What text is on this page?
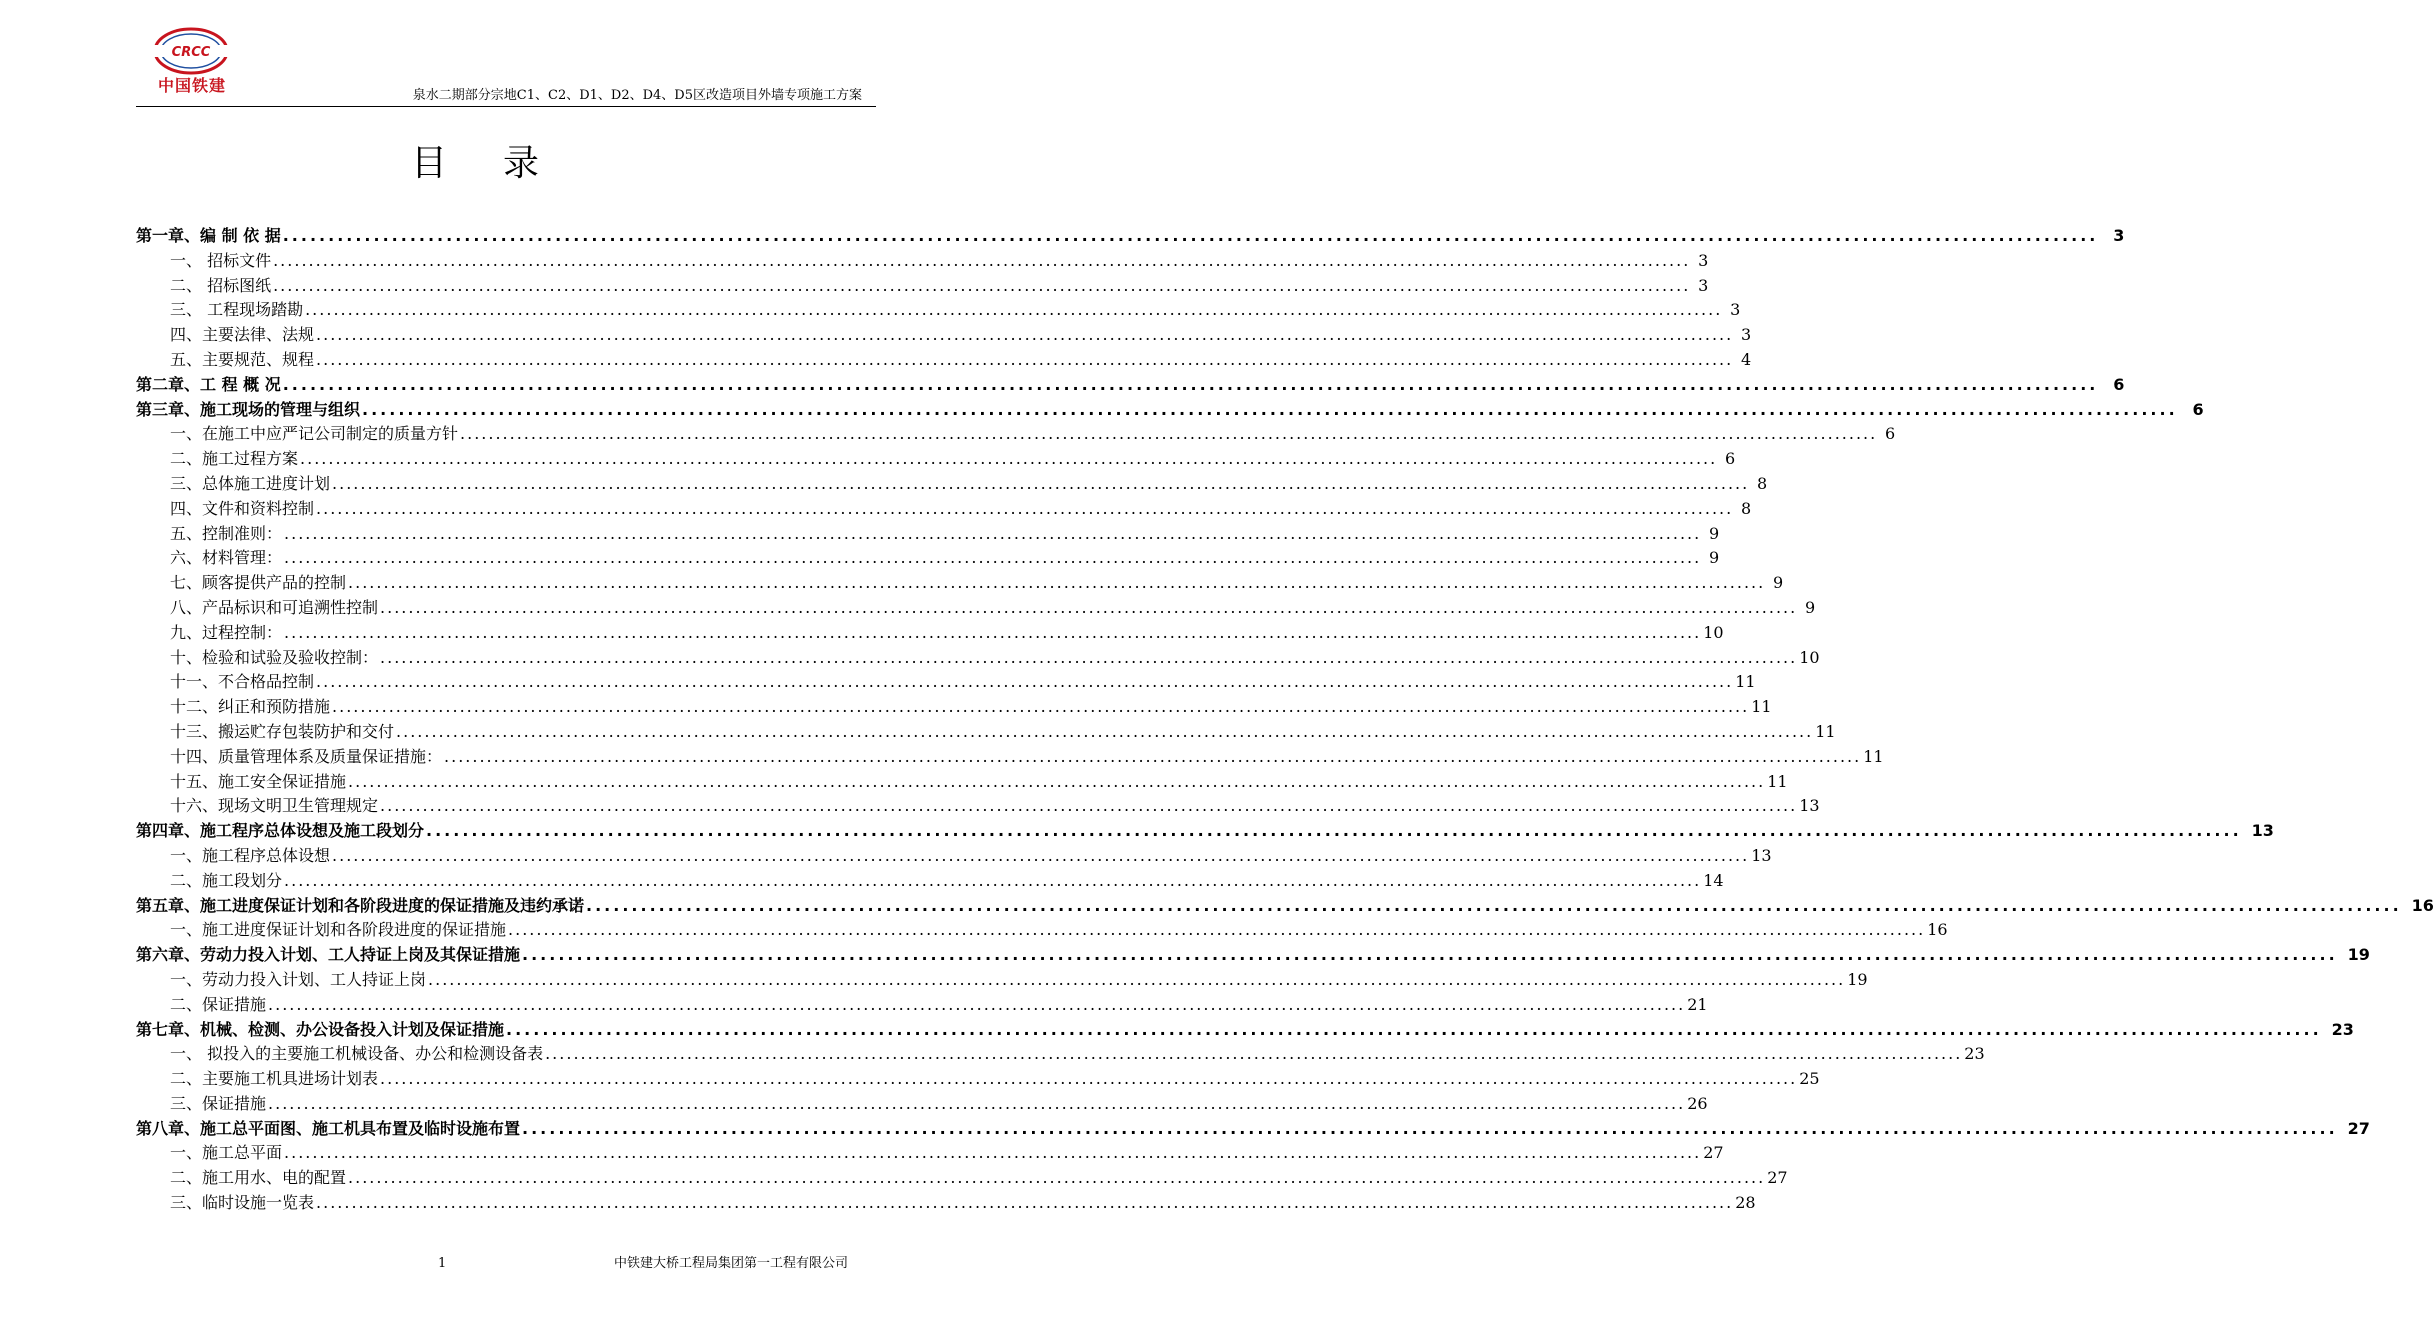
CRCC
中国铁建
泉水二期部分宗地C1、C2、D1、D2、D4、D5区改造项目外墙专项施工方案
目录
第一章、编 制 依 据 ........................................................................................................................................................................................................ 3
一、 招标文件 ........................................................................................................................................................................................................ 3
二、 招标图纸 ........................................................................................................................................................................................................ 3
三、 工程现场踏勘 ........................................................................................................................................................................................................ 3
四、主要法律、法规 ........................................................................................................................................................................................................ 3
五、主要规范、规程 ........................................................................................................................................................................................................ 4
第二章、工 程 概 况 ........................................................................................................................................................................................................ 6
第三章、施工现场的管理与组织 ........................................................................................................................................................................................................ 6
一、在施工中应严记公司制定的质量方针 ........................................................................................................................................................................................................ 6
二、施工过程方案 ........................................................................................................................................................................................................ 6
三、总体施工进度计划 ........................................................................................................................................................................................................ 8
四、文件和资料控制 ........................................................................................................................................................................................................ 8
五、控制准则： ........................................................................................................................................................................................................ 9
六、材料管理： ........................................................................................................................................................................................................ 9
七、顾客提供产品的控制 ........................................................................................................................................................................................................ 9
八、产品标识和可追溯性控制 ........................................................................................................................................................................................................ 9
九、过程控制： ........................................................................................................................................................................................................ 10
十、检验和试验及验收控制： ........................................................................................................................................................................................................ 10
十一、不合格品控制 ........................................................................................................................................................................................................ 11
十二、纠正和预防措施 ........................................................................................................................................................................................................ 11
十三、搬运贮存包装防护和交付 ........................................................................................................................................................................................................ 11
十四、质量管理体系及质量保证措施： ........................................................................................................................................................................................................ 11
十五、施工安全保证措施 ........................................................................................................................................................................................................ 11
十六、现场文明卫生管理规定 ........................................................................................................................................................................................................ 13
第四章、施工程序总体设想及施工段划分 ........................................................................................................................................................................................................ 13
一、施工程序总体设想 ........................................................................................................................................................................................................ 13
二、施工段划分 ........................................................................................................................................................................................................ 14
第五章、施工进度保证计划和各阶段进度的保证措施及违约承诺 ........................................................................................................................................................................................................ 16
一、施工进度保证计划和各阶段进度的保证措施 ........................................................................................................................................................................................................ 16
第六章、劳动力投入计划、工人持证上岗及其保证措施 ........................................................................................................................................................................................................ 19
一、劳动力投入计划、工人持证上岗 ........................................................................................................................................................................................................ 19
二、保证措施 ........................................................................................................................................................................................................ 21
第七章、机械、检测、办公设备投入计划及保证措施 ........................................................................................................................................................................................................ 23
一、 拟投入的主要施工机械设备、办公和检测设备表 ........................................................................................................................................................................................................ 23
二、主要施工机具进场计划表 ........................................................................................................................................................................................................ 25
三、保证措施 ........................................................................................................................................................................................................ 26
第八章、施工总平面图、施工机具布置及临时设施布置 ........................................................................................................................................................................................................ 27
一、施工总平面 ........................................................................................................................................................................................................ 27
二、施工用水、电的配置 ........................................................................................................................................................................................................ 27
三、临时设施一览表 ........................................................................................................................................................................................................ 28
1	中铁建大桥工程局集团第一工程有限公司
